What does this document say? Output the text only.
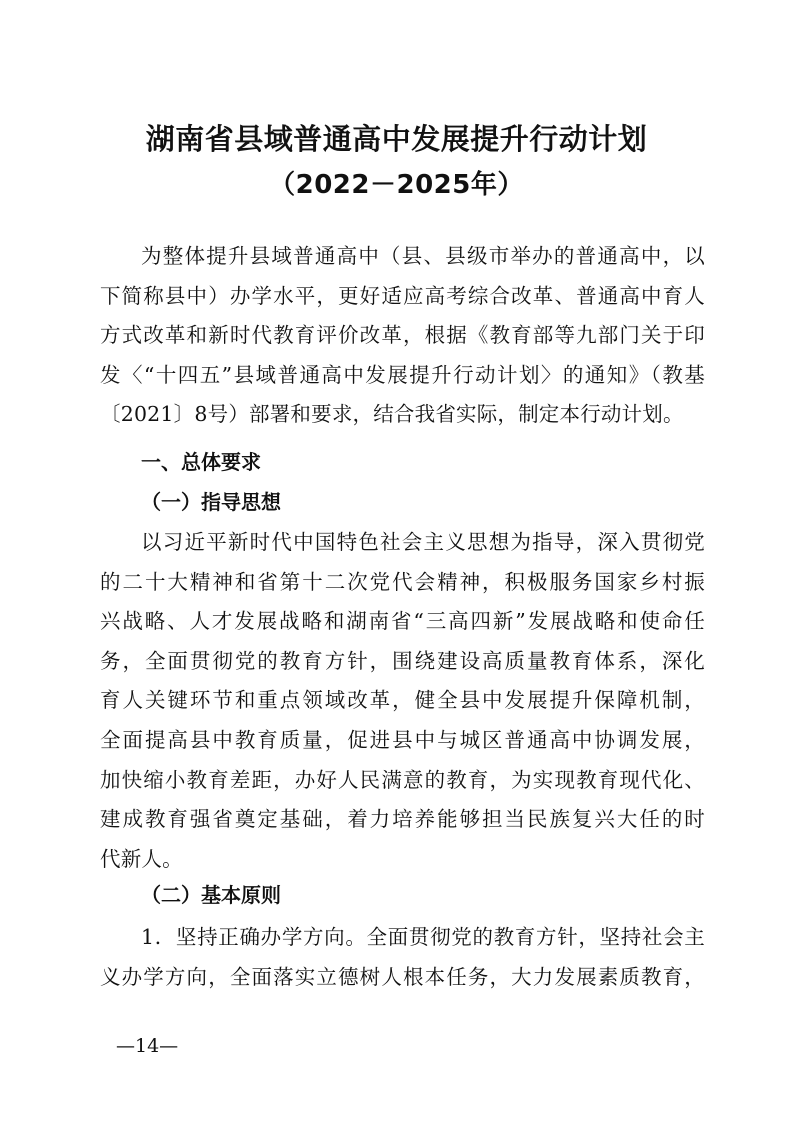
湖南省县域普通高中发展提升行动计划
（2022－2025年）
为整体提升县域普通高中（县、县级市举办的普通高中，以
下简称县中）办学水平，更好适应高考综合改革、普通高中育人
方式改革和新时代教育评价改革，根据《教育部等九部门关于印
发〈“十四五”县域普通高中发展提升行动计划〉的通知》（教基
〔2021〕8号）部署和要求，结合我省实际，制定本行动计划。
一、总体要求
（一）指导思想
以习近平新时代中国特色社会主义思想为指导，深入贯彻党
的二十大精神和省第十二次党代会精神，积极服务国家乡村振
兴战略、人才发展战略和湖南省“三高四新”发展战略和使命任
务，全面贯彻党的教育方针，围绕建设高质量教育体系，深化
育人关键环节和重点领域改革，健全县中发展提升保障机制，
全面提高县中教育质量，促进县中与城区普通高中协调发展，
加快缩小教育差距，办好人民满意的教育，为实现教育现代化、
建成教育强省奠定基础，着力培养能够担当民族复兴大任的时
代新人。
（二）基本原则
1．坚持正确办学方向。全面贯彻党的教育方针，坚持社会主
义办学方向，全面落实立德树人根本任务，大力发展素质教育，
—14—
